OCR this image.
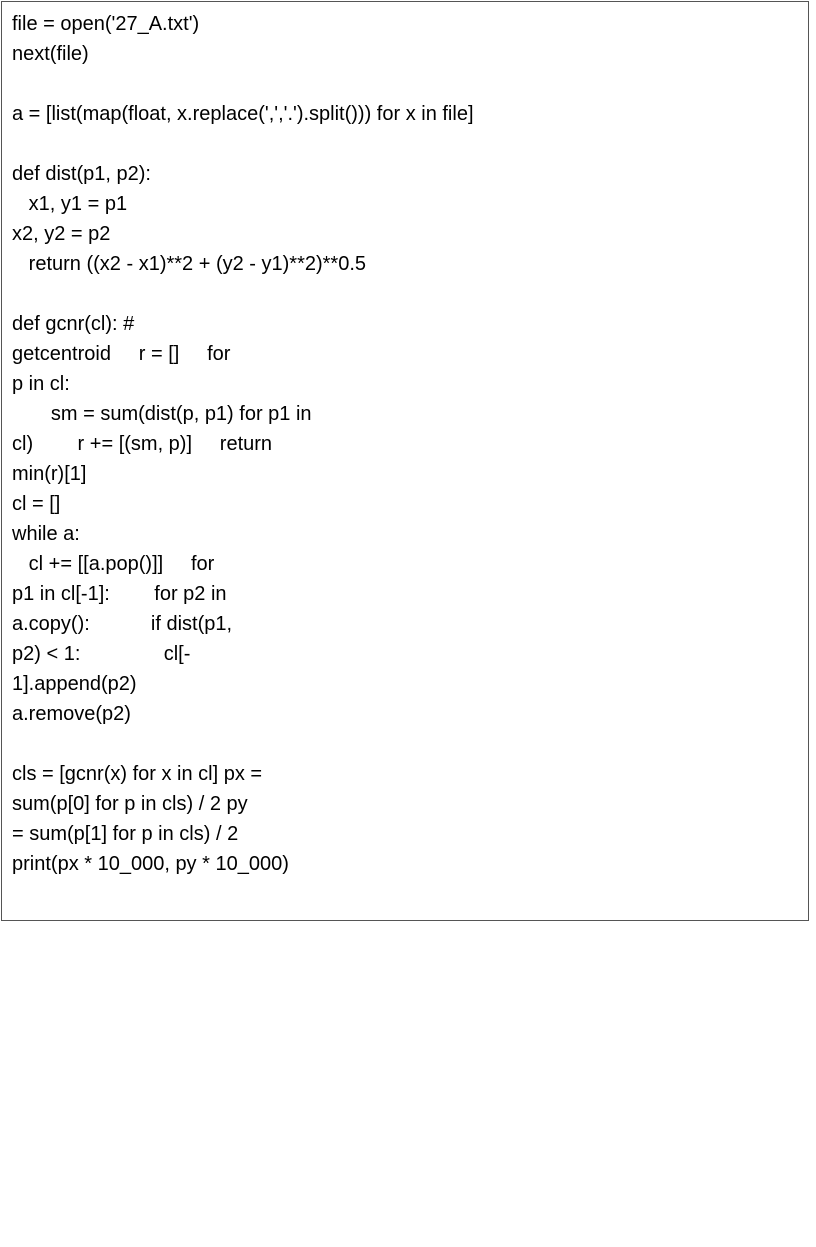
file = open('27_A.txt')
next(file)
a = [list(map(float, x.replace(',','.').split())) for x in file]
def dist(p1, p2):
x1, y1 = p1
x2, y2 = p2
return ((x2 - x1)**2 + (y2 - y1)**2)**0.5
def gcnr(cl): #
getcentroid     r = []     for
p in cl:
sm = sum(dist(p, p1) for p1 in
cl)        r += [(sm, p)]     return
min(r)[1]
cl = []
while a:
cl += [[a.pop()]]     for
p1 in cl[-1]:        for p2 in
a.copy():           if dist(p1,
p2) < 1:               cl[-
1].append(p2)
a.remove(p2)
cls = [gcnr(x) for x in cl] px =
sum(p[0] for p in cls) / 2 py
= sum(p[1] for p in cls) / 2
print(px * 10_000, py * 10_000)
